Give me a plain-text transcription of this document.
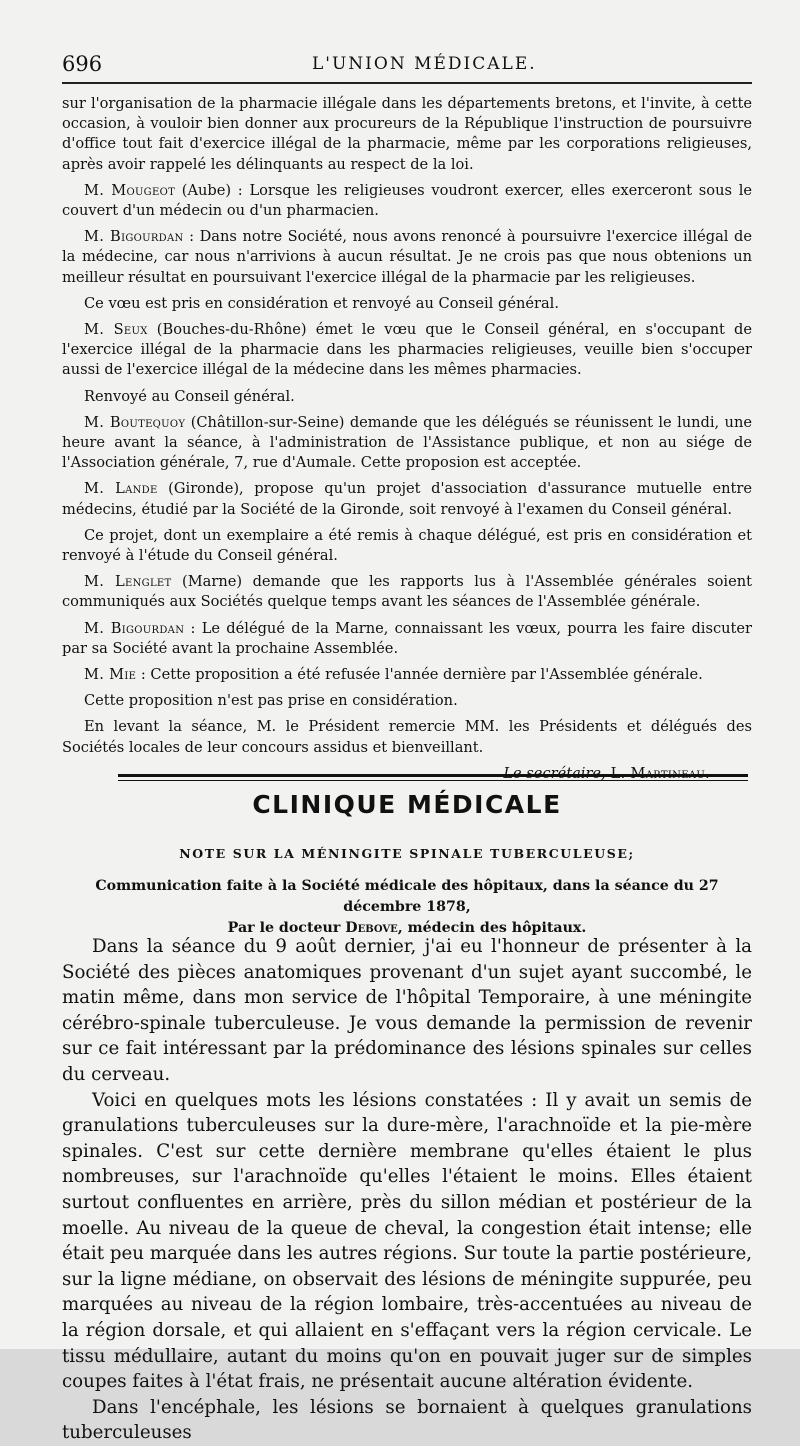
696	L'UNION MÉDICALE.

sur l'organisation de la pharmacie illégale dans les départements bretons, et l'invite, à cette occasion, à vouloir bien donner aux procureurs de la République l'instruction de poursuivre d'office tout fait d'exercice illégal de la pharmacie, même par les corporations religieuses, après avoir rappelé les délinquants au respect de la loi.

M. Mougeot (Aube) : Lorsque les religieuses voudront exercer, elles exerceront sous le couvert d'un médecin ou d'un pharmacien.

M. Bigourdan : Dans notre Société, nous avons renoncé à poursuivre l'exercice illégal de la médecine, car nous n'arrivions à aucun résultat. Je ne crois pas que nous obtenions un meilleur résultat en poursuivant l'exercice illégal de la pharmacie par les religieuses.

Ce vœu est pris en considération et renvoyé au Conseil général.

M. Seux (Bouches-du-Rhône) émet le vœu que le Conseil général, en s'occupant de l'exercice illégal de la pharmacie dans les pharmacies religieuses, veuille bien s'occuper aussi de l'exercice illégal de la médecine dans les mêmes pharmacies.

Renvoyé au Conseil général.

M. Boutequoy (Châtillon-sur-Seine) demande que les délégués se réunissent le lundi, une heure avant la séance, à l'administration de l'Assistance publique, et non au siége de l'Association générale, 7, rue d'Aumale. Cette proposion est acceptée.

M. Lande (Gironde), propose qu'un projet d'association d'assurance mutuelle entre médecins, étudié par la Société de la Gironde, soit renvoyé à l'examen du Conseil général.

Ce projet, dont un exemplaire a été remis à chaque délégué, est pris en considération et renvoyé à l'étude du Conseil général.

M. Lenglet (Marne) demande que les rapports lus à l'Assemblée générales soient communiqués aux Sociétés quelque temps avant les séances de l'Assemblée générale.

M. Bigourdan : Le délégué de la Marne, connaissant les vœux, pourra les faire discuter par sa Société avant la prochaine Assemblée.

M. Mie : Cette proposition a été refusée l'année dernière par l'Assemblée générale.

Cette proposition n'est pas prise en considération.

En levant la séance, M. le Président remercie MM. les Présidents et délégués des Sociétés locales de leur concours assidus et bienveillant.

Le secrétaire, L. Martineau.

CLINIQUE MÉDICALE
NOTE SUR LA MÉNINGITE SPINALE TUBERCULEUSE;
Communication faite à la Société médicale des hôpitaux, dans la séance du 27 décembre 1878,
Par le docteur Debove, médecin des hôpitaux.

Dans la séance du 9 août dernier, j'ai eu l'honneur de présenter à la Société des pièces anatomiques provenant d'un sujet ayant succombé, le matin même, dans mon service de l'hôpital Temporaire, à une méningite cérébro-spinale tuberculeuse. Je vous demande la permission de revenir sur ce fait intéressant par la prédominance des lésions spinales sur celles du cerveau.

Voici en quelques mots les lésions constatées : Il y avait un semis de granulations tuberculeuses sur la dure-mère, l'arachnoïde et la pie-mère spinales. C'est sur cette dernière membrane qu'elles étaient le plus nombreuses, sur l'arachnoïde qu'elles l'étaient le moins. Elles étaient surtout confluentes en arrière, près du sillon médian et postérieur de la moelle. Au niveau de la queue de cheval, la congestion était intense; elle était peu marquée dans les autres régions. Sur toute la partie postérieure, sur la ligne médiane, on observait des lésions de méningite suppurée, peu marquées au niveau de la région lombaire, très-accentuées au niveau de la région dorsale, et qui allaient en s'effaçant vers la région cervicale. Le tissu médullaire, autant du moins qu'on en pouvait juger sur de simples coupes faites à l'état frais, ne présentait aucune altération évidente.

Dans l'encéphale, les lésions se bornaient à quelques granulations tuberculeuses
